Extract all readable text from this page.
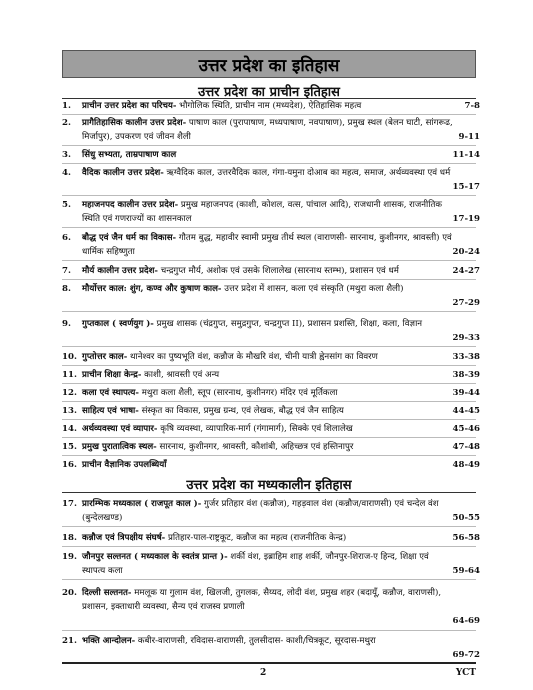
उत्तर प्रदेश का इतिहास
उत्तर प्रदेश का प्राचीन इतिहास
1. प्राचीन उत्तर प्रदेश का परिचय- भौगोलिक स्थिति, प्राचीन नाम (मध्यदेश), ऐतिहासिक महत्व	7-8
2. प्रागैतिहासिक कालीन उत्तर प्रदेश- पाषाण काल (पुरापाषाण, मध्यपाषाण, नवपाषाण), प्रमुख स्थल (बेलन घाटी, सांगरूढ, मिर्जापुर), उपकरण एवं जीवन शैली	9-11
3. सिंधु सभ्यता, ताम्रपाषाण काल	11-14
4. वैदिक कालीन उत्तर प्रदेश- ऋग्वैदिक काल, उत्तरवैदिक काल, गंगा-यमुना दोआब का महत्व, समाज, अर्थव्यवस्था एवं धर्म
15-17
5. महाजनपद कालीन उत्तर प्रदेश- प्रमुख महाजनपद (काशी, कोशल, वत्स, पांचाल आदि), राजधानी शासक, राजनीतिक स्थिति एवं गणराज्यों का शासनकाल	17-19
6. बौद्ध एवं जैन धर्म का विकास- गौतम बुद्ध, महावीर स्वामी प्रमुख तीर्थ स्थल (वाराणसी- सारनाथ, कुशीनगर, श्रावस्ती) एवं धार्मिक सहिष्णुता	20-24
7. मौर्य कालीन उत्तर प्रदेश- चन्द्रगुप्त मौर्य, अशोक एवं उसके शिलालेख (सारनाथ स्तम्भ), प्रशासन एवं धर्म	24-27
8. मौर्योत्तर काल: शुंग, कण्व और कुषाण काल- उत्तर प्रदेश में शासन, कला एवं संस्कृति (मथुरा कला शैली)
27-29
9. गुप्तकाल ( स्वर्णयुग )- प्रमुख शासक (चंद्रगुप्त, समुद्रगुप्त, चन्द्रगुप्त II), प्रशासन प्रशस्ति, शिक्षा, कला, विज्ञान
29-33
10. गुप्तोत्तर काल- थानेश्वर का पुष्यभूति वंश, कन्नौज के मौखरि वंश, चीनी यात्री ह्वेनसांग का विवरण	33-38
11. प्राचीन शिक्षा केन्द्र- काशी, श्रावस्ती एवं अन्य	38-39
12. कला एवं स्थापत्य- मथुरा कला शैली, स्तूप (सारनाथ, कुशीनगर) मंदिर एवं मूर्तिकला	39-44
13. साहित्य एवं भाषा- संस्कृत का विकास, प्रमुख ग्रन्थ, एवं लेखक, बौद्ध एवं जैन साहित्य	44-45
14. अर्थव्यवस्था एवं व्यापार- कृषि व्यवस्था, व्यापारिक-मार्ग (गंगामार्ग), सिक्के एवं शिलालेख	45-46
15. प्रमुख पुरातात्विक स्थल- सारनाथ, कुशीनगर, श्रावस्ती, कौशांबी, अहिच्छत्र एवं हस्तिनापुर	47-48
16. प्राचीन वैज्ञानिक उपलब्धियाँ	48-49
उत्तर प्रदेश का मध्यकालीन इतिहास
17. प्रारम्भिक मध्यकाल ( राजपूत काल )- गुर्जर प्रतिहार वंश (कन्नौज), गहड़वाल वंश (कन्नौज/वाराणसी) एवं चन्देल वंश (बुन्देलखण्ड)	50-55
18. कन्नौज एवं त्रिपक्षीय संघर्ष- प्रतिहार-पाल-राष्ट्रकूट, कन्नौज का महत्व (राजनीतिक केन्द्र)	56-58
19. जौनपुर सल्तनत ( मध्यकाल के स्वतंत्र प्रान्त )- शर्की वंश, इब्राहिम शाह शर्की, जौनपुर-शिराज-ए हिन्द, शिक्षा एवं स्थापत्य कला	59-64
20. दिल्ली सल्तनत- ममलूक या गुलाम वंश, खिलजी, तुगलक, सैय्यद, लोदी वंश, प्रमुख शहर (बदायूँ, कन्नौज, वाराणसी), प्रशासन, इक्ताधारी व्यवस्था, सैन्य एवं राजस्व प्रणाली
64-69
21. भक्ति आन्दोलन- कबीर-वाराणसी, रविदास-वाराणसी, तुलसीदास- काशी/चित्रकूट, सूरदास-मथुरा
69-72
2	YCT
